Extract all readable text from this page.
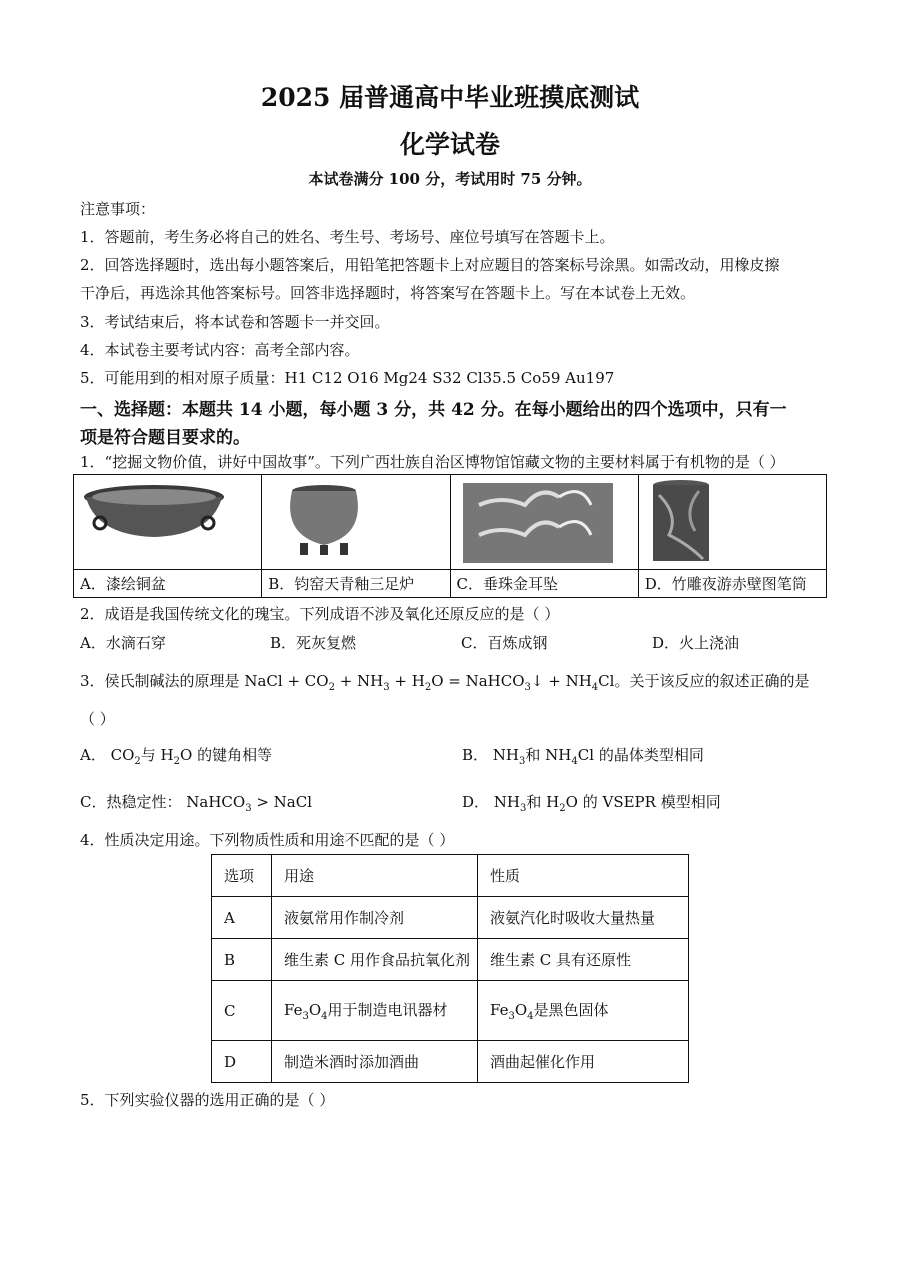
2025 届普通高中毕业班摸底测试
化学试卷
本试卷满分 100 分，考试用时 75 分钟。
注意事项：
1．答题前，考生务必将自己的姓名、考生号、考场号、座位号填写在答题卡上。
2．回答选择题时，选出每小题答案后，用铅笔把答题卡上对应题目的答案标号涂黑。如需改动，用橡皮擦
干净后，再选涂其他答案标号。回答非选择题时，将答案写在答题卡上。写在本试卷上无效。
3．考试结束后，将本试卷和答题卡一并交回。
4．本试卷主要考试内容：高考全部内容。
5．可能用到的相对原子质量：H1 C12 O16 Mg24 S32 Cl35.5 Co59 Au197
一、选择题：本题共 14 小题，每小题 3 分，共 42 分。在每小题给出的四个选项中，只有一
项是符合题目要求的。
1．“挖掘文物价值，讲好中国故事”。下列广西壮族自治区博物馆馆藏文物的主要材料属于有机物的是（ ）

A．漆绘铜盆	B．钧窑天青釉三足炉	C．垂珠金耳坠	D．竹雕夜游赤壁图笔筒
2．成语是我国传统文化的瑰宝。下列成语不涉及氧化还原反应的是（ ）
A．水滴石穿	B．死灰复燃	C．百炼成钢	D．火上浇油
3．侯氏制碱法的原理是 NaCl + $CO_2 + NH_3 + H_2O$ = NaHCO$_3$↓ + $NH_4Cl$。关于该反应的叙述正确的是
（ ）
A． $CO_2$与 $H_2O$ 的键角相等	B． $NH_3$和 $NH_4Cl$ 的晶体类型相同
C．热稳定性： NaHCO$_3$ > NaCl	D． $NH_3$和 $H_2O$ 的 VSEPR 模型相同
4．性质决定用途。下列物质性质和用途不匹配的是（ ）
选项	用途	性质
A	液氨常用作制冷剂	液氨汽化时吸收大量热量
B	维生素 C 用作食品抗氧化剂	维生素 C 具有还原性
C	$Fe_3O_4$用于制造电讯器材	$Fe_3O_4$是黑色固体
D	制造米酒时添加酒曲	酒曲起催化作用
5．下列实验仪器的选用正确的是（ ）
